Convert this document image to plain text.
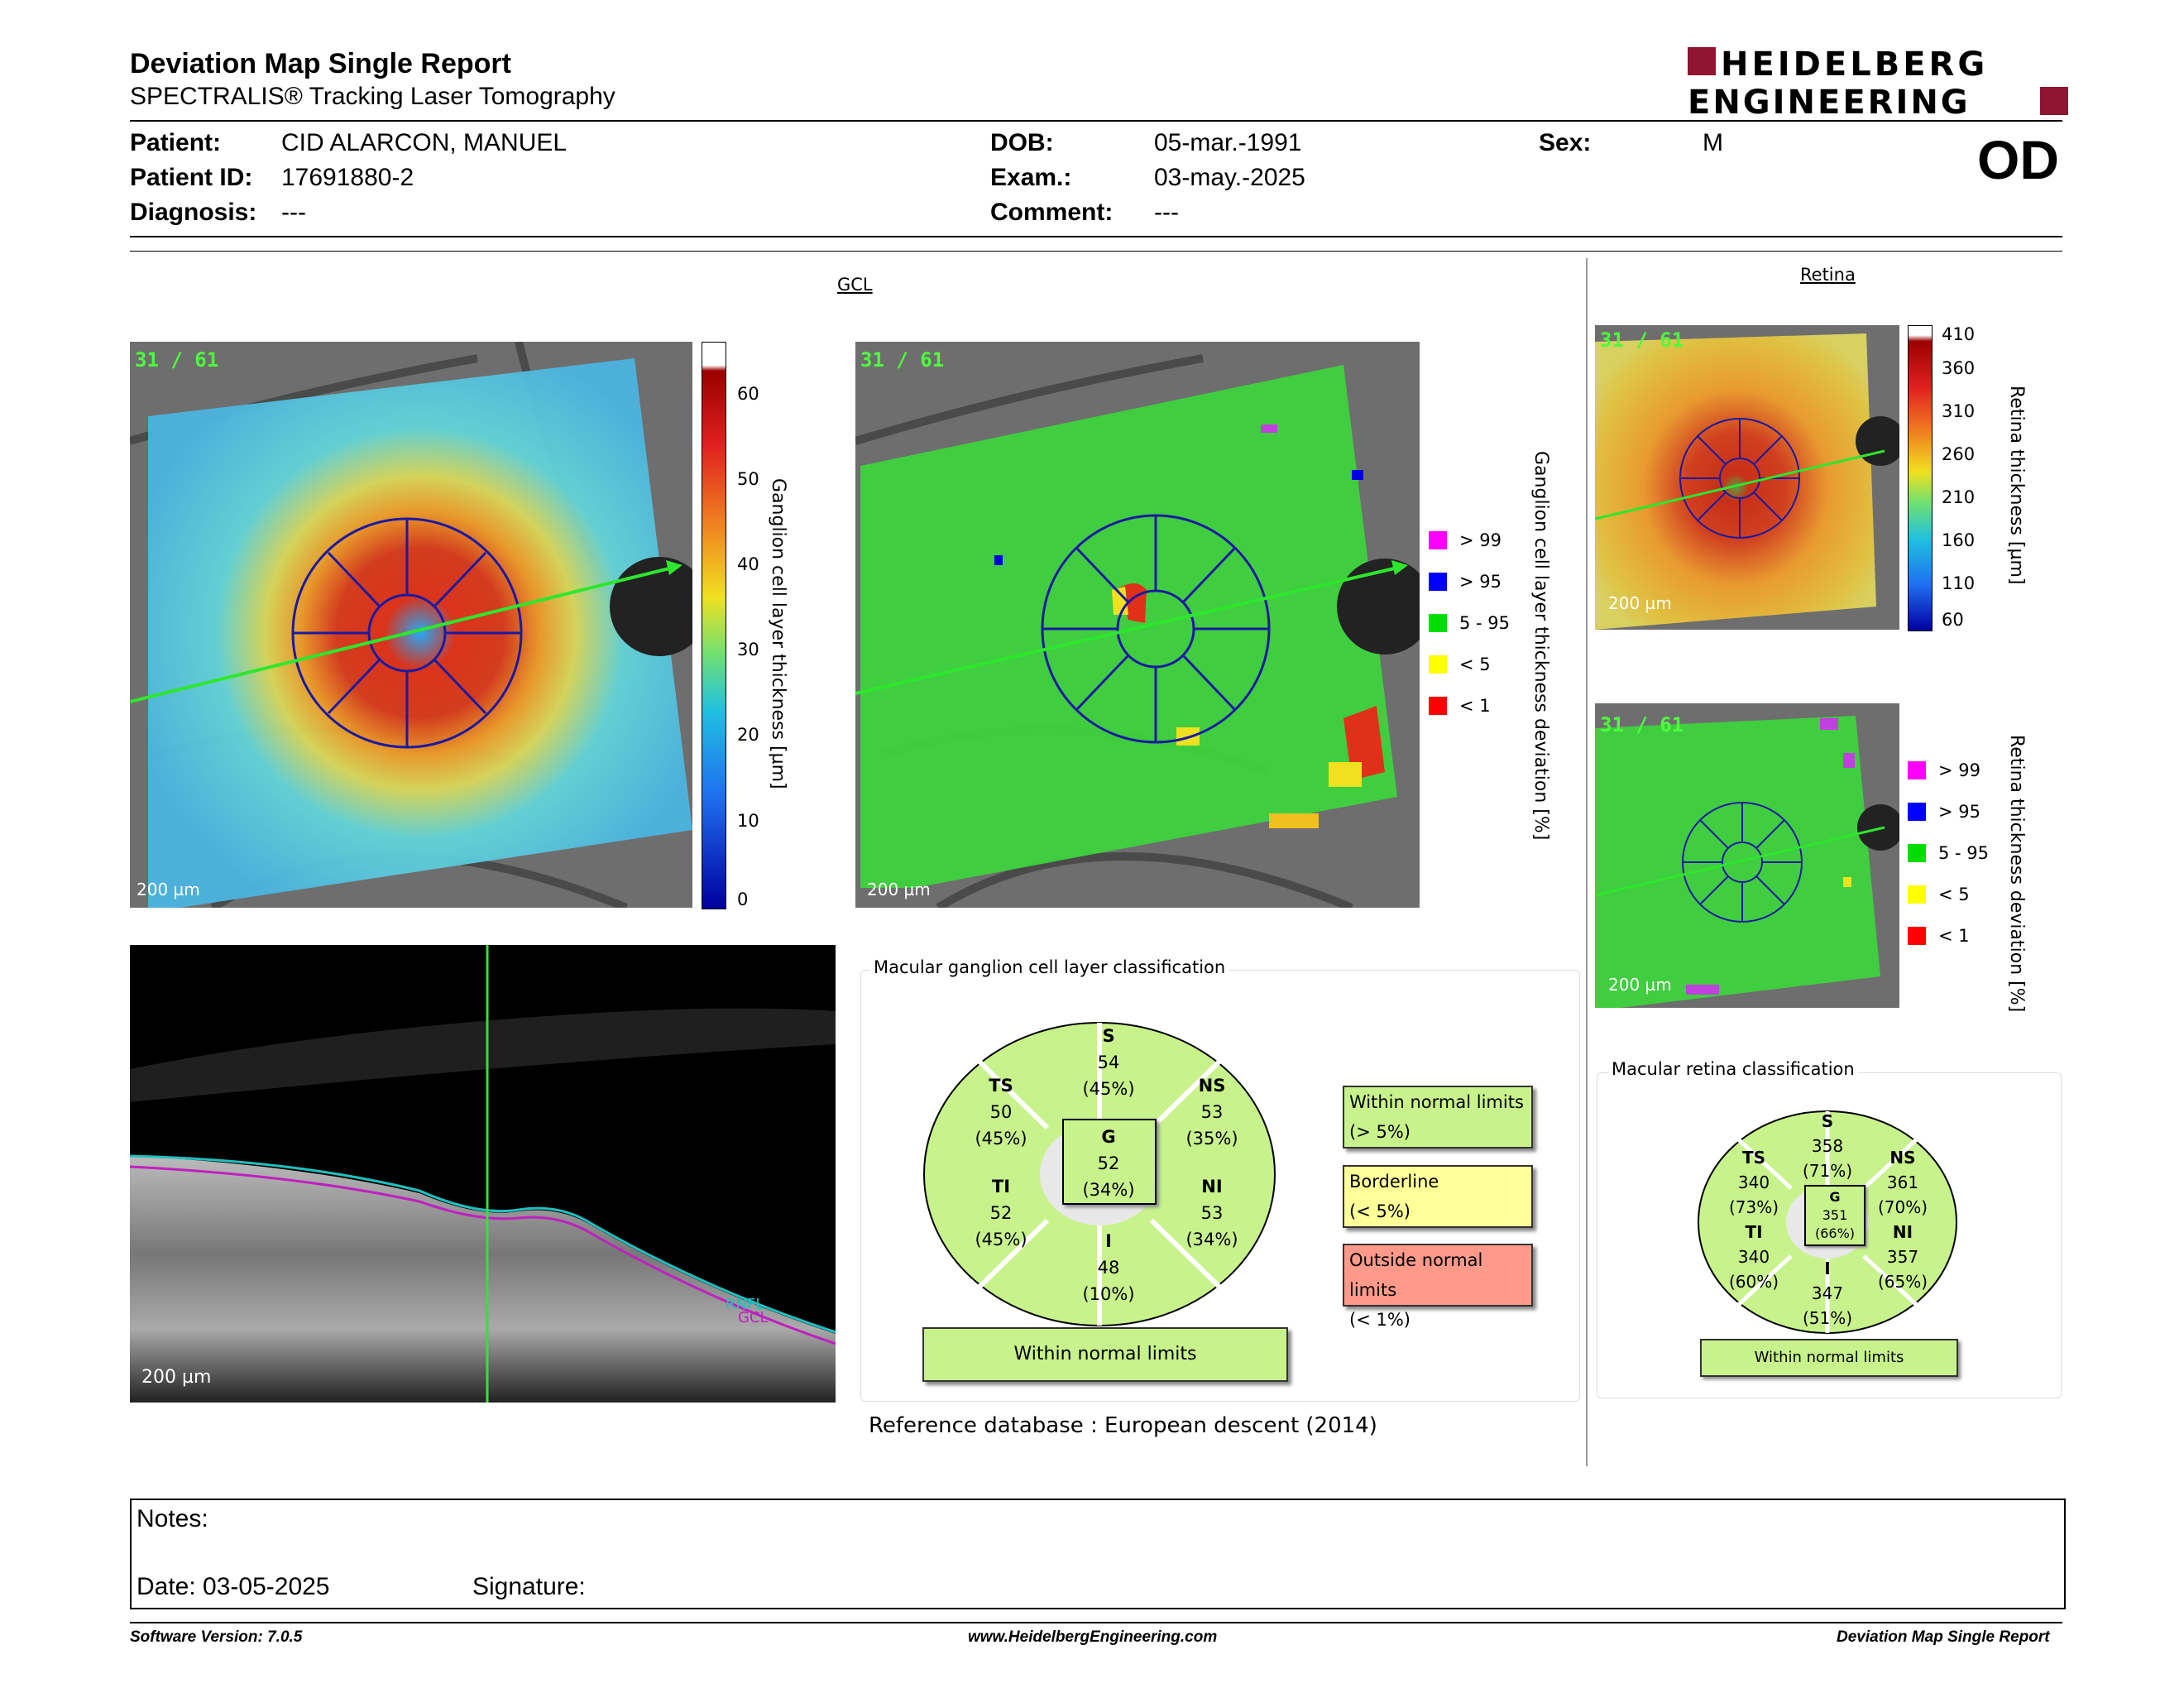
Deviation Map Single Report
SPECTRALIS® Tracking Laser Tomography
HEIDELBERG
ENGINEERING
Patient: CID ALARCON, MANUEL
Patient ID: 17691880-2
Diagnosis: ---
DOB:	05-mar.-1991
Exam.:	03-may.-2025
Comment: ---
Sex:	M	OD
GCL	Retina
31 / 61
200 µm
60
50
40
30
20
10
0
Ganglion cell layer thickness [µm]
31 / 61
200 µm
> 99
> 95
5 - 95
< 5
< 1 Ganglion cell layer thickness deviation [%]
31 / 61
200 µm
410
360
310
260
210
160
110
60
Retina thickness [µm]
31 / 61
200 µm
> 99
> 95
5 - 95
< 5
< 1 Retina thickness deviation [%]
RNFL
GCL
200 µm
Macular ganglion cell layer classification
S
54
(45%)
TS
50
(45%)
NS
53
(35%)
G
52
(34%)
TI
52
(45%)
NI
53
(34%)
I
48
(10%)
Within normal limits
Within normal limits
(> 5%)
Borderline
(< 5%)
Outside normal limits
(< 1%)
Macular retina classification
S
358
(71%)
TS
340
(73%)
NS
361
(70%)
G
351
(66%)
TI
340
(60%)
NI
357
(65%)
I
347
(51%)
Within normal limits
Reference database : European descent (2014)
Notes:
Date: 03-05-2025	Signature:
Software Version: 7.0.5	www.HeidelbergEngineering.com	Deviation Map Single Report
